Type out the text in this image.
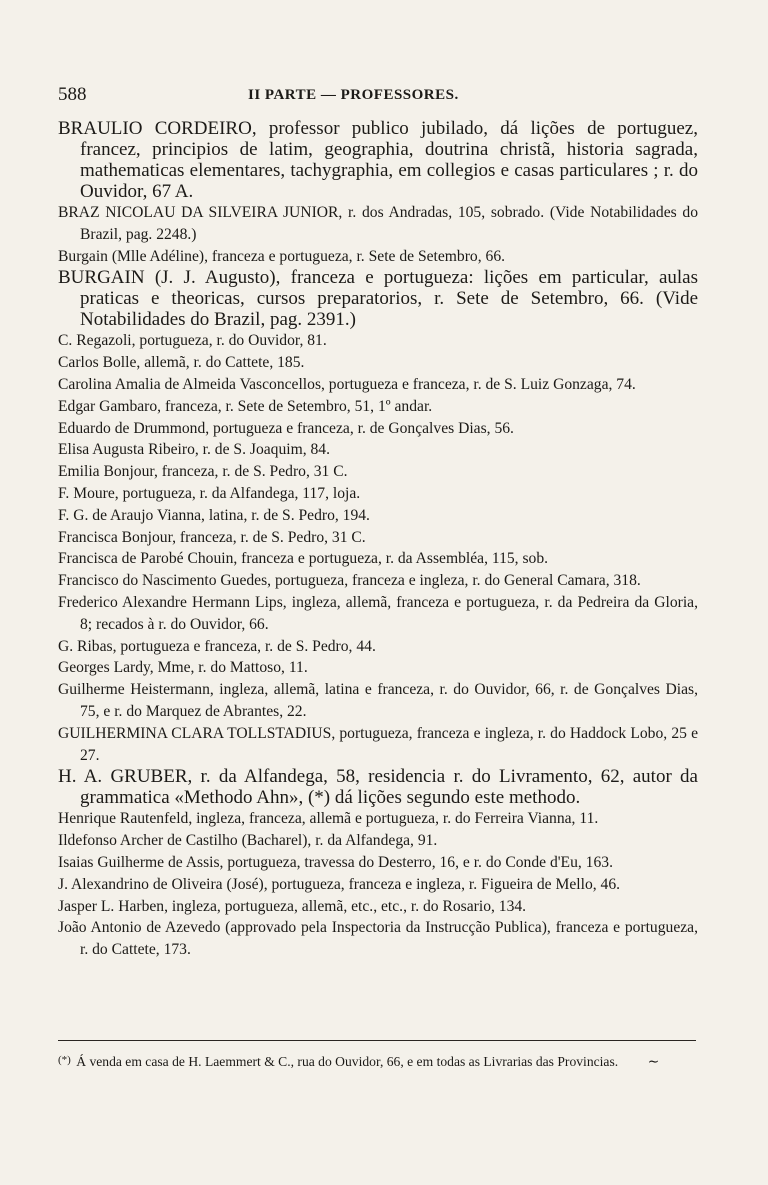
588	II PARTE — PROFESSORES.

BRAULIO CORDEIRO, professor publico jubilado, dá lições de portuguez, francez, principios de latim, geographia, doutrina christã, historia sagrada, mathematicas elementares, tachygraphia, em collegios e casas particulares ; r. do Ouvidor, 67 A.

BRAZ NICOLAU DA SILVEIRA JUNIOR, r. dos Andradas, 105, sobrado. (Vide Notabilidades do Brazil, pag. 2248.)

Burgain (Mlle Adéline), franceza e portugueza, r. Sete de Setembro, 66.

BURGAIN (J. J. Augusto), franceza e portugueza: lições em particular, aulas praticas e theoricas, cursos preparatorios, r. Sete de Setembro, 66. (Vide Notabilidades do Brazil, pag. 2391.)

C. Regazoli, portugueza, r. do Ouvidor, 81.

Carlos Bolle, allemã, r. do Cattete, 185.

Carolina Amalia de Almeida Vasconcellos, portugueza e franceza, r. de S. Luiz Gonzaga, 74.

Edgar Gambaro, franceza, r. Sete de Setembro, 51, 1º andar.

Eduardo de Drummond, portugueza e franceza, r. de Gonçalves Dias, 56.

Elisa Augusta Ribeiro, r. de S. Joaquim, 84.

Emilia Bonjour, franceza, r. de S. Pedro, 31 C.

F. Moure, portugueza, r. da Alfandega, 117, loja.

F. G. de Araujo Vianna, latina, r. de S. Pedro, 194.

Francisca Bonjour, franceza, r. de S. Pedro, 31 C.

Francisca de Parobé Chouin, franceza e portugueza, r. da Assembléa, 115, sob.

Francisco do Nascimento Guedes, portugueza, franceza e ingleza, r. do General Camara, 318.

Frederico Alexandre Hermann Lips, ingleza, allemã, franceza e portugueza, r. da Pedreira da Gloria, 8; recados à r. do Ouvidor, 66.

G. Ribas, portugueza e franceza, r. de S. Pedro, 44.

Georges Lardy, Mme, r. do Mattoso, 11.

Guilherme Heistermann, ingleza, allemã, latina e franceza, r. do Ouvidor, 66, r. de Gonçalves Dias, 75, e r. do Marquez de Abrantes, 22.

GUILHERMINA CLARA TOLLSTADIUS, portugueza, franceza e ingleza, r. do Haddock Lobo, 25 e 27.

H. A. GRUBER, r. da Alfandega, 58, residencia r. do Livramento, 62, autor da grammatica «Methodo Ahn», (*) dá lições segundo este methodo.

Henrique Rautenfeld, ingleza, franceza, allemã e portugueza, r. do Ferreira Vianna, 11.

Ildefonso Archer de Castilho (Bacharel), r. da Alfandega, 91.

Isaias Guilherme de Assis, portugueza, travessa do Desterro, 16, e r. do Conde d'Eu, 163.

J. Alexandrino de Oliveira (José), portugueza, franceza e ingleza, r. Figueira de Mello, 46.

Jasper L. Harben, ingleza, portugueza, allemã, etc., etc., r. do Rosario, 134.

João Antonio de Azevedo (approvado pela Inspectoria da Instrucção Publica), franceza e portugueza, r. do Cattete, 173.

(*) Á venda em casa de H. Laemmert & C., rua do Ouvidor, 66, e em todas as Livrarias das Provincias. ∼
